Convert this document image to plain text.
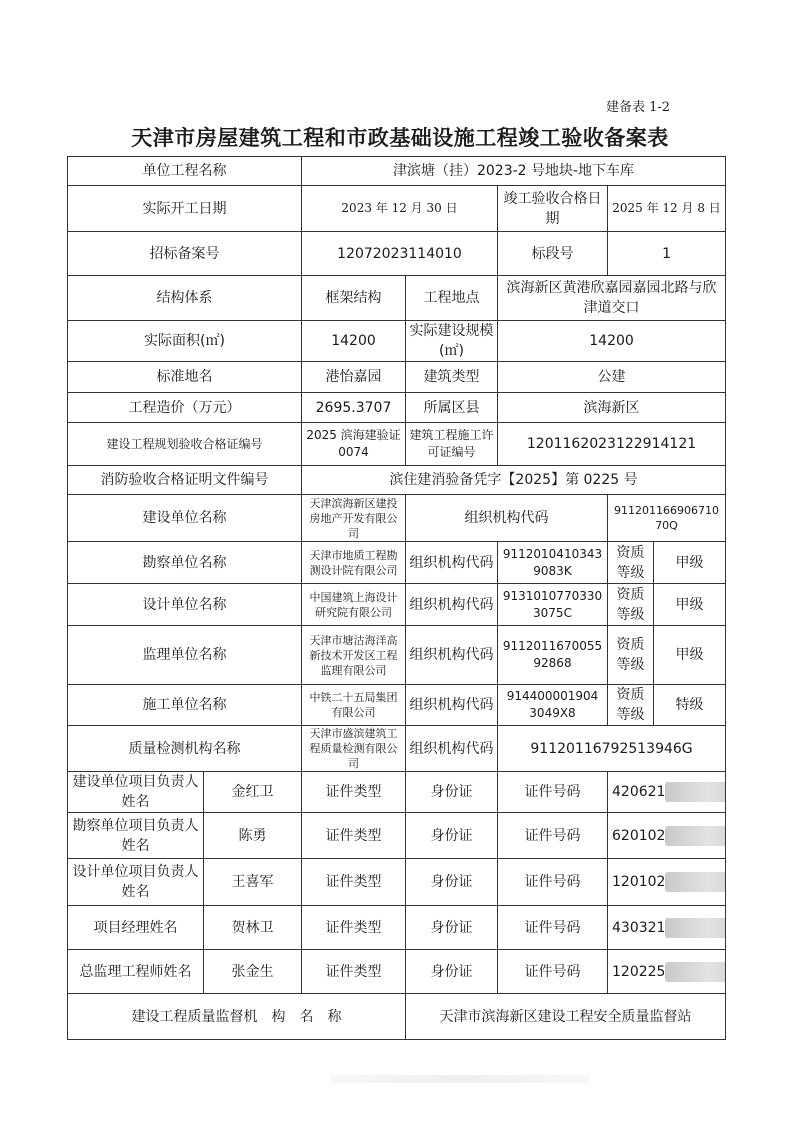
建备表 1-2
天津市房屋建筑工程和市政基础设施工程竣工验收备案表
单位工程名称		津滨塘（挂）2023-2 号地块-地下车库				
实际开工日期		2023 年 12 月 30 日		竣工验收合格日期	2025 年 12 月 8 日	
招标备案号		12072023114010		标段号	1	
结构体系		框架结构	工程地点	滨海新区黄港欣嘉园嘉园北路与欣津道交口		
实际面积(㎡)		14200	实际建设规模(㎡)	14200		
标准地名		港怡嘉园	建筑类型	公建		
工程造价（万元）		2695.3707	所属区县	滨海新区		
建设工程规划验收合格证编号		2025 滨海建验证0074	建筑工程施工许可证编号	1201162023122914121		
消防验收合格证明文件编号		滨住建消验备凭字【2025】第 0225 号				
建设单位名称		天津滨海新区建投房地产开发有限公司	组织机构代码		91120116690671070Q	
勘察单位名称		天津市地质工程勘测设计院有限公司	组织机构代码	91120104103439083K	资质等级	甲级
设计单位名称		中国建筑上海设计研究院有限公司	组织机构代码	91310107703303075C	资质等级	甲级
监理单位名称		天津市塘沽海洋高新技术开发区工程监理有限公司	组织机构代码	911201167005592868	资质等级	甲级
施工单位名称		中铁二十五局集团有限公司	组织机构代码	914400001904 3049X8	资质等级	特级
质量检测机构名称		天津市盛滨建筑工程质量检测有限公司	组织机构代码	91120116792513946G		
建设单位项目负责人姓名	金红卫	证件类型	身份证	证件号码	420621	
勘察单位项目负责人姓名	陈勇	证件类型	身份证	证件号码	620102	
设计单位项目负责人姓名	王喜军	证件类型	身份证	证件号码	120102	
项目经理姓名	贺林卫	证件类型	身份证	证件号码	430321	
总监理工程师姓名	张金生	证件类型	身份证	证件号码	120225	
建设工程质量监督机　构　名　称			天津市滨海新区建设工程安全质量监督站			
